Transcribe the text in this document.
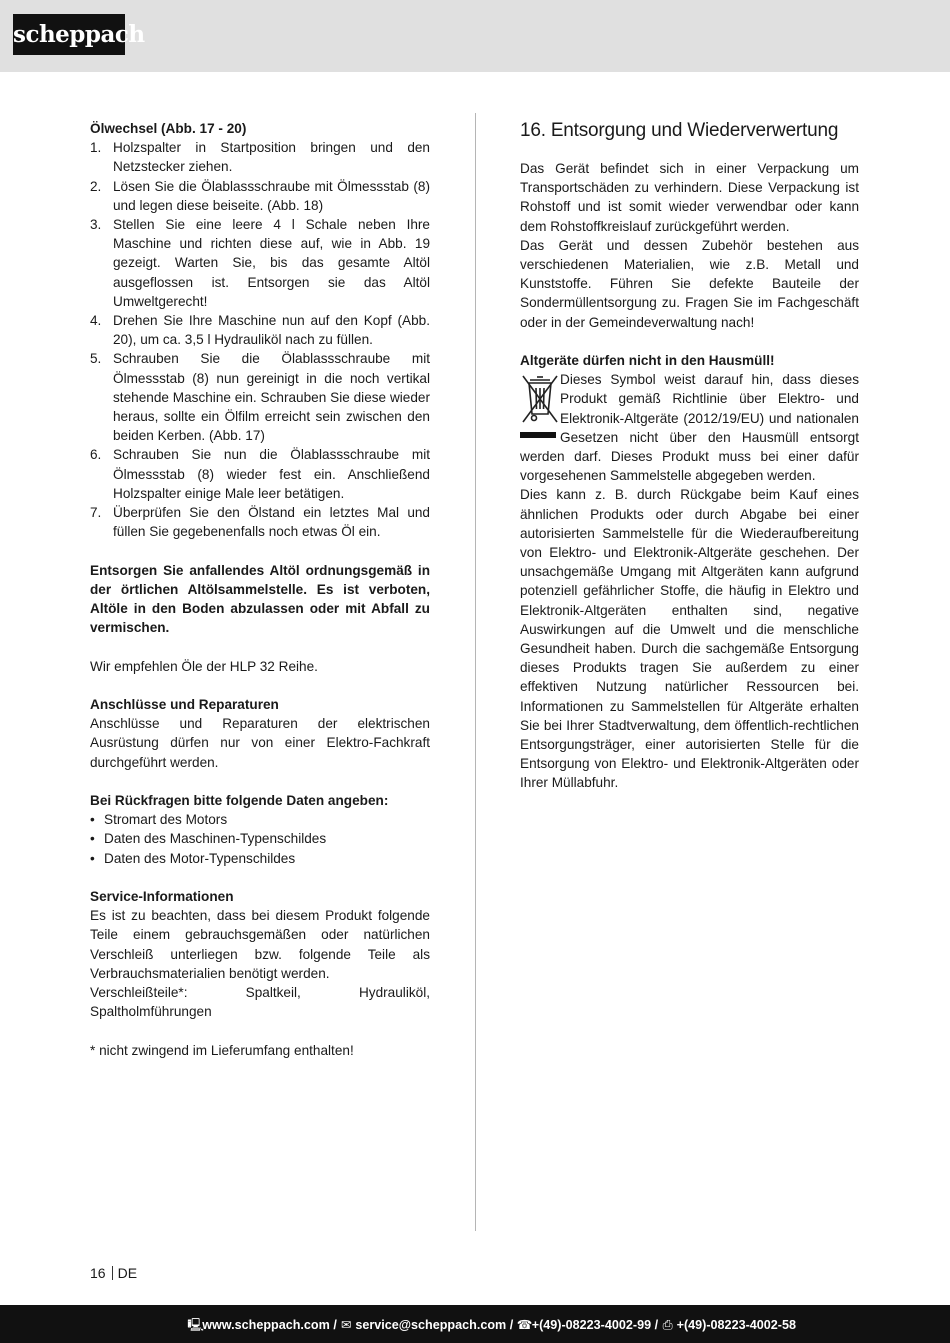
scheppach
Ölwechsel (Abb. 17 - 20)
1. Holzspalter in Startposition bringen und den Netzstecker ziehen.
2. Lösen Sie die Ölablassschraube mit Ölmessstab (8) und legen diese beiseite. (Abb. 18)
3. Stellen Sie eine leere 4 l Schale neben Ihre Maschine und richten diese auf, wie in Abb. 19 gezeigt. Warten Sie, bis das gesamte Altöl ausgeflossen ist. Entsorgen sie das Altöl Umweltgerecht!
4. Drehen Sie Ihre Maschine nun auf den Kopf (Abb. 20), um ca. 3,5 l Hydrauliköl nach zu füllen.
5. Schrauben Sie die Ölablassschraube mit Ölmessstab (8) nun gereinigt in die noch vertikal stehende Maschine ein. Schrauben Sie diese wieder heraus, sollte ein Ölfilm erreicht sein zwischen den beiden Kerben. (Abb. 17)
6. Schrauben Sie nun die Ölablassschraube mit Ölmessstab (8) wieder fest ein. Anschließend Holzspalter einige Male leer betätigen.
7. Überprüfen Sie den Ölstand ein letztes Mal und füllen Sie gegebenenfalls noch etwas Öl ein.

Entsorgen Sie anfallendes Altöl ordnungsgemäß in der örtlichen Altölsammelstelle. Es ist verboten, Altöle in den Boden abzulassen oder mit Abfall zu vermischen.

Wir empfehlen Öle der HLP 32 Reihe.

Anschlüsse und Reparaturen

Anschlüsse und Reparaturen der elektrischen Ausrüstung dürfen nur von einer Elektro-Fachkraft durchgeführt werden.

Bei Rückfragen bitte folgende Daten angeben:
• Stromart des Motors
• Daten des Maschinen-Typenschildes
• Daten des Motor-Typenschildes
Service-Informationen

Es ist zu beachten, dass bei diesem Produkt folgende Teile einem gebrauchsgemäßen oder natürlichen Verschleiß unterliegen bzw. folgende Teile als Verbrauchsmaterialien benötigt werden.

Verschleißteile*: Spaltkeil, Hydrauliköl, Spaltholmführungen

* nicht zwingend im Lieferumfang enthalten!

16. Entsorgung und Wiederverwertung

Das Gerät befindet sich in einer Verpackung um Transportschäden zu verhindern. Diese Verpackung ist Rohstoff und ist somit wieder verwendbar oder kann dem Rohstoffkreislauf zurückgeführt werden.

Das Gerät und dessen Zubehör bestehen aus verschiedenen Materialien, wie z.B. Metall und Kunststoffe. Führen Sie defekte Bauteile der Sondermüllentsorgung zu. Fragen Sie im Fachgeschäft oder in der Gemeindeverwaltung nach!

Altgeräte dürfen nicht in den Hausmüll!

Dieses Symbol weist darauf hin, dass dieses Produkt gemäß Richtlinie über Elektro- und Elektronik-Altgeräte (2012/19/EU) und nationalen Gesetzen nicht über den Hausmüll entsorgt werden darf. Dieses Produkt muss bei einer dafür vorgesehenen Sammelstelle abgegeben werden.

Dies kann z. B. durch Rückgabe beim Kauf eines ähnlichen Produkts oder durch Abgabe bei einer autorisierten Sammelstelle für die Wiederaufbereitung von Elektro- und Elektronik-Altgeräte geschehen. Der unsachgemäße Umgang mit Altgeräten kann aufgrund potenziell gefährlicher Stoffe, die häufig in Elektro und Elektronik-Altgeräten enthalten sind, negative Auswirkungen auf die Umwelt und die menschliche Gesundheit haben. Durch die sachgemäße Entsorgung dieses Produkts tragen Sie außerdem zu einer effektiven Nutzung natürlicher Ressourcen bei. Informationen zu Sammelstellen für Altgeräte erhalten Sie bei Ihrer Stadtverwaltung, dem öffentlich-rechtlichen Entsorgungsträger, einer autorisierten Stelle für die Entsorgung von Elektro- und Elektronik-Altgeräten oder Ihrer Müllabfuhr.

16 DE
🖳www.scheppach.com / ✉ service@scheppach.com / ☎+(49)-08223-4002-99 / ⎙ +(49)-08223-4002-58
